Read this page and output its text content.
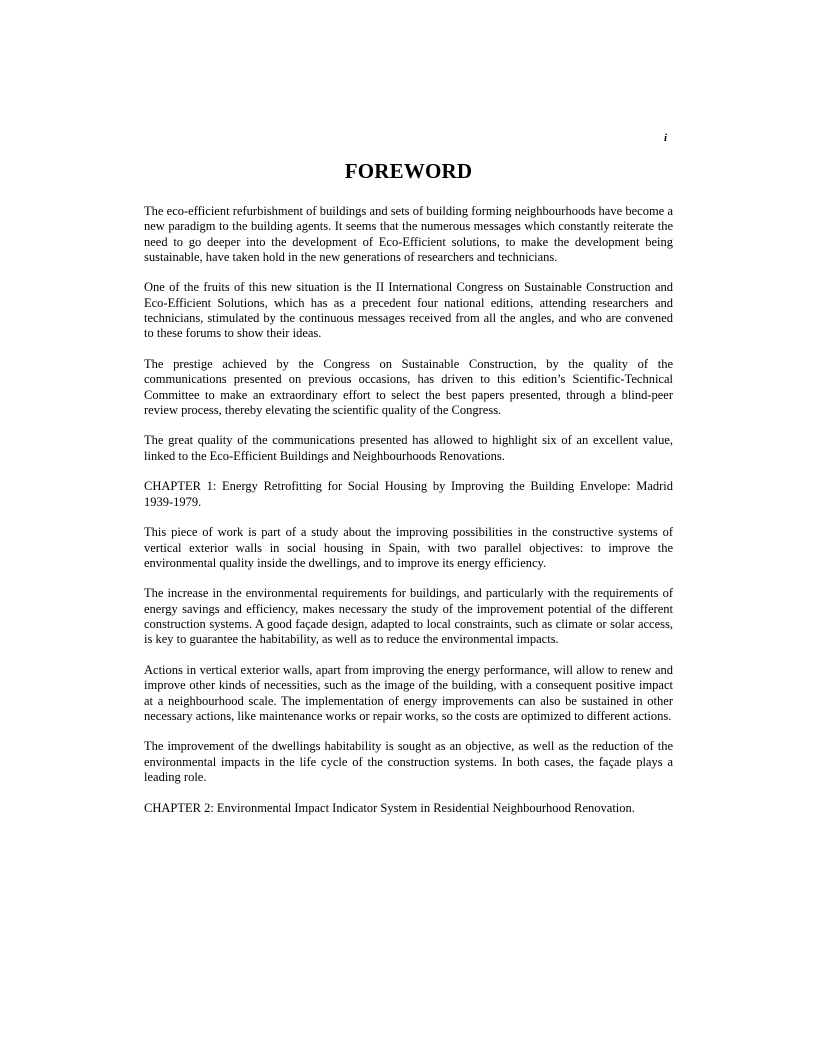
i
FOREWORD

The eco-efficient refurbishment of buildings and sets of building forming neighbourhoods have become a new paradigm to the building agents. It seems that the numerous messages which constantly reiterate the need to go deeper into the development of Eco-Efficient solutions, to make the development being sustainable, have taken hold in the new generations of researchers and technicians.

One of the fruits of this new situation is the II International Congress on Sustainable Construction and Eco-Efficient Solutions, which has as a precedent four national editions, attending researchers and technicians, stimulated by the continuous messages received from all the angles, and who are convened to these forums to show their ideas.

The prestige achieved by the Congress on Sustainable Construction, by the quality of the communications presented on previous occasions, has driven to this edition’s Scientific-Technical Committee to make an extraordinary effort to select the best papers presented, through a blind-peer review process, thereby elevating the scientific quality of the Congress.

The great quality of the communications presented has allowed to highlight six of an excellent value, linked to the Eco-Efficient Buildings and Neighbourhoods Renovations.

CHAPTER 1: Energy Retrofitting for Social Housing by Improving the Building Envelope: Madrid 1939-1979.

This piece of work is part of a study about the improving possibilities in the constructive systems of vertical exterior walls in social housing in Spain, with two parallel objectives: to improve the environmental quality inside the dwellings, and to improve its energy efficiency.

The increase in the environmental requirements for buildings, and particularly with the requirements of energy savings and efficiency, makes necessary the study of the improvement potential of the different construction systems. A good façade design, adapted to local constraints, such as climate or solar access, is key to guarantee the habitability, as well as to reduce the environmental impacts.

Actions in vertical exterior walls, apart from improving the energy performance, will allow to renew and improve other kinds of necessities, such as the image of the building, with a consequent positive impact at a neighbourhood scale. The implementation of energy improvements can also be sustained in other necessary actions, like maintenance works or repair works, so the costs are optimized to different actions.

The improvement of the dwellings habitability is sought as an objective, as well as the reduction of the environmental impacts in the life cycle of the construction systems. In both cases, the façade plays a leading role.

CHAPTER 2: Environmental Impact Indicator System in Residential Neighbourhood Renovation.
